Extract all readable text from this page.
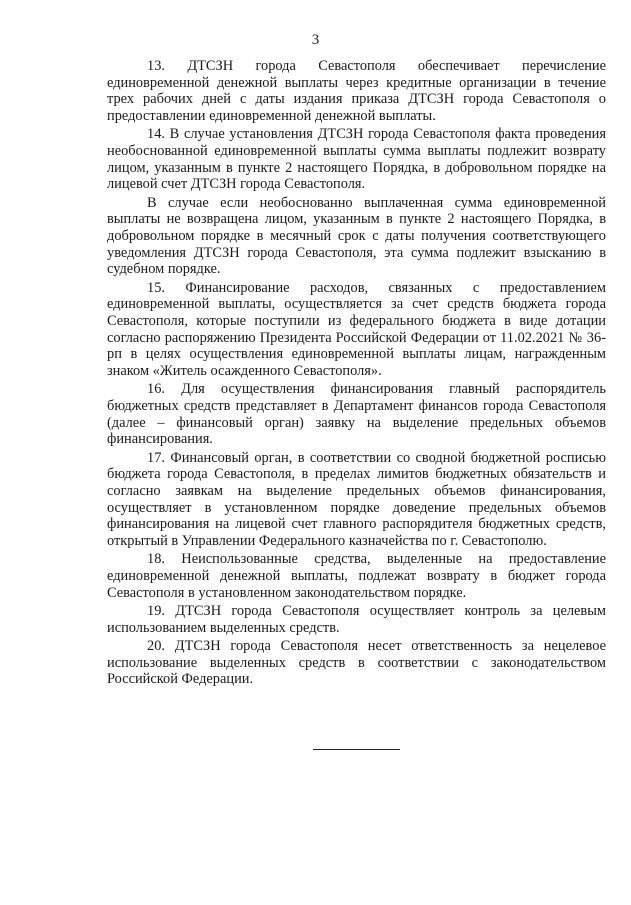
3

13. ДТСЗН города Севастополя обеспечивает перечисление единовременной денежной выплаты через кредитные организации в течение трех рабочих дней с даты издания приказа ДТСЗН города Севастополя о предоставлении единовременной денежной выплаты.

14. В случае установления ДТСЗН города Севастополя факта проведения необоснованной единовременной выплаты сумма выплаты подлежит возврату лицом, указанным в пункте 2 настоящего Порядка, в добровольном порядке на лицевой счет ДТСЗН города Севастополя.

В случае если необоснованно выплаченная сумма единовременной выплаты не возвращена лицом, указанным в пункте 2 настоящего Порядка, в добровольном порядке в месячный срок с даты получения соответствующего уведомления ДТСЗН города Севастополя, эта сумма подлежит взысканию в судебном порядке.

15. Финансирование расходов, связанных с предоставлением единовременной выплаты, осуществляется за счет средств бюджета города Севастополя, которые поступили из федерального бюджета в виде дотации согласно распоряжению Президента Российской Федерации от 11.02.2021 № 36-рп в целях осуществления единовременной выплаты лицам, награжденным знаком «Житель осажденного Севастополя».

16. Для осуществления финансирования главный распорядитель бюджетных средств представляет в Департамент финансов города Севастополя (далее – финансовый орган) заявку на выделение предельных объемов финансирования.

17. Финансовый орган, в соответствии со сводной бюджетной росписью бюджета города Севастополя, в пределах лимитов бюджетных обязательств и согласно заявкам на выделение предельных объемов финансирования, осуществляет в установленном порядке доведение предельных объемов финансирования на лицевой счет главного распорядителя бюджетных средств, открытый в Управлении Федерального казначейства по г. Севастополю.

18. Неиспользованные средства, выделенные на предоставление единовременной денежной выплаты, подлежат возврату в бюджет города Севастополя в установленном законодательством порядке.

19. ДТСЗН города Севастополя осуществляет контроль за целевым использованием выделенных средств.

20. ДТСЗН города Севастополя несет ответственность за нецелевое использование выделенных средств в соответствии с законодательством Российской Федерации.
